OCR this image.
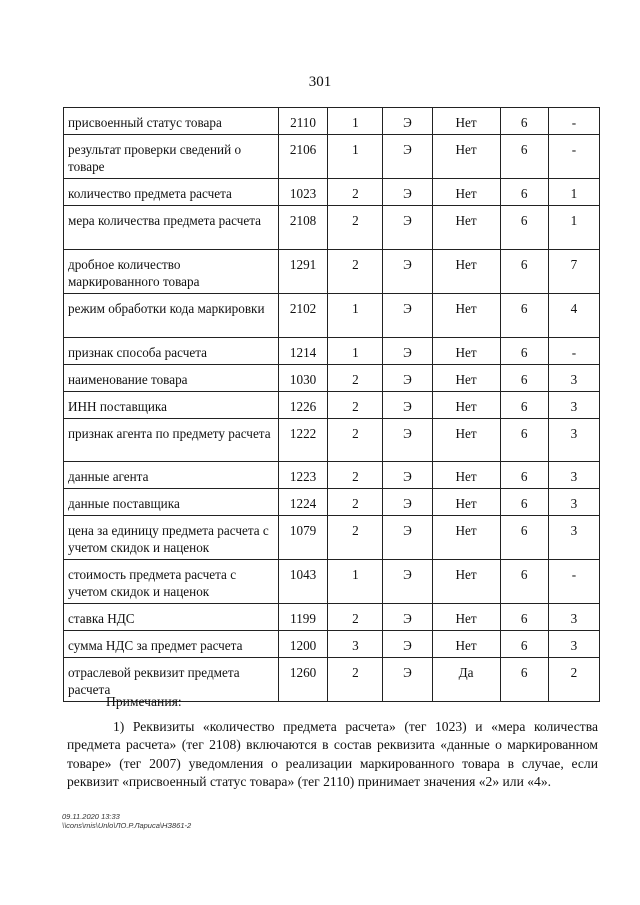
301
присвоенный статус товара	2110	1	Э	Нет	6	-
результат проверки сведений о товаре	2106	1	Э	Нет	6	-
количество предмета расчета	1023	2	Э	Нет	6	1
мера количества предмета расчета	2108	2	Э	Нет	6	1
дробное количество маркированного товара	1291	2	Э	Нет	6	7
режим обработки кода маркировки	2102	1	Э	Нет	6	4
признак способа расчета	1214	1	Э	Нет	6	-
наименование товара	1030	2	Э	Нет	6	3
ИНН поставщика	1226	2	Э	Нет	6	3
признак агента по предмету расчета	1222	2	Э	Нет	6	3
данные агента	1223	2	Э	Нет	6	3
данные поставщика	1224	2	Э	Нет	6	3
цена за единицу предмета расчета с учетом скидок и наценок	1079	2	Э	Нет	6	3
стоимость предмета расчета с учетом скидок и наценок	1043	1	Э	Нет	6	-
ставка НДС	1199	2	Э	Нет	6	3
сумма НДС за предмет расчета	1200	3	Э	Нет	6	3
отраслевой реквизит предмета расчета	1260	2	Э	Да	6	2

Примечания:

1) Реквизиты «количество предмета расчета» (тег 1023) и «мера количества предмета расчета» (тег 2108) включаются в состав реквизита «данные о маркированном товаре» (тег 2007) уведомления о реализации маркированного товара в случае, если реквизит «присвоенный статус товара» (тег 2110) принимает значения «2» или «4».

09.11.2020 13:33
\\cons\mis\Unlo\ЛО.Р.Лариса\НЗ861-2
